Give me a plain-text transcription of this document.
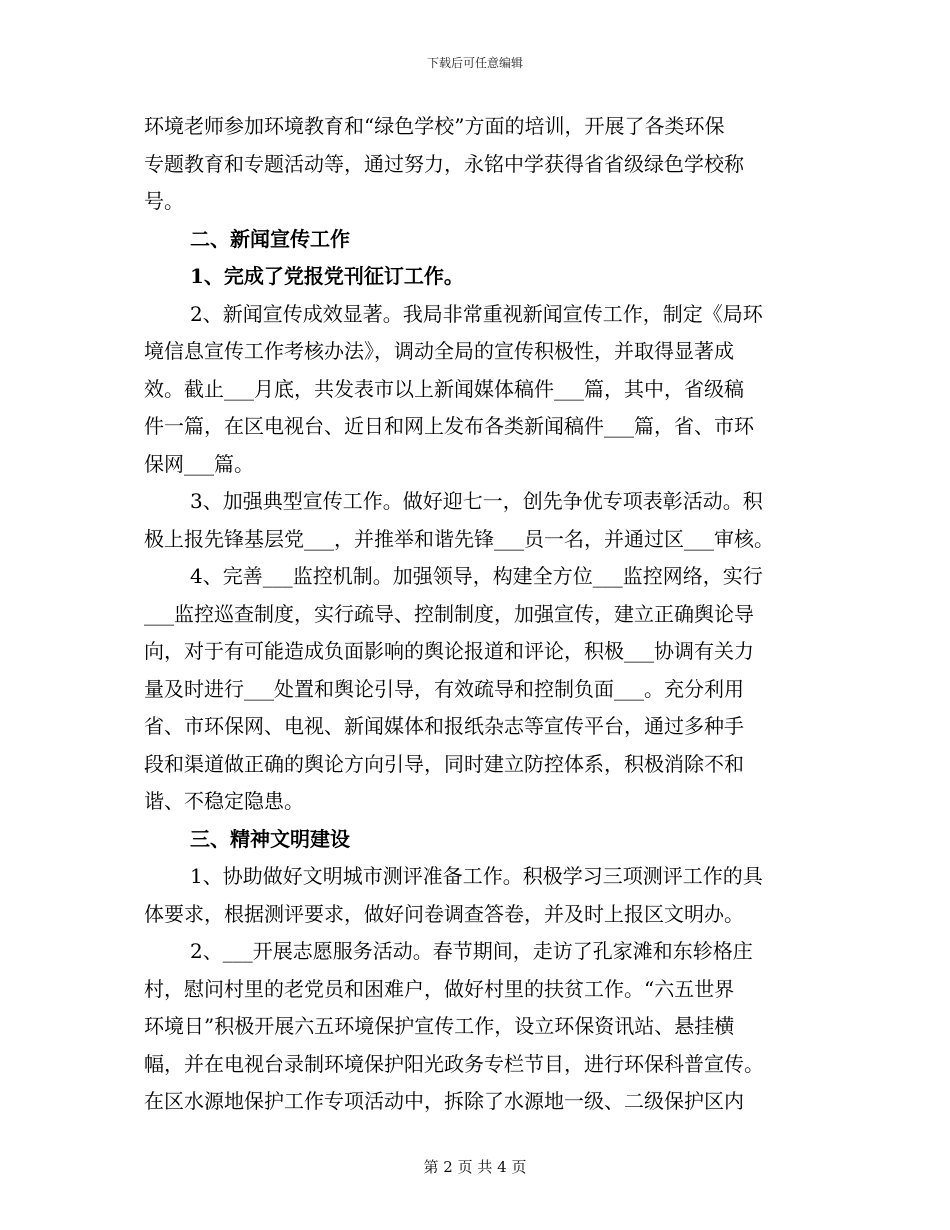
下载后可任意编辑
环境老师参加环境教育和“绿色学校”方面的培训，开展了各类环保
专题教育和专题活动等，通过努力，永铭中学获得省省级绿色学校称
号。
二、新闻宣传工作
1、完成了党报党刊征订工作。
2、新闻宣传成效显著。我局非常重视新闻宣传工作，制定《局环
境信息宣传工作考核办法》，调动全局的宣传积极性，并取得显著成
效。截止___月底，共发表市以上新闻媒体稿件___篇，其中，省级稿
件一篇，在区电视台、近日和网上发布各类新闻稿件___篇，省、市环
保网___篇。
3、加强典型宣传工作。做好迎七一，创先争优专项表彰活动。积
极上报先锋基层党___，并推举和谐先锋___员一名，并通过区___审核。
4、完善___监控机制。加强领导，构建全方位___监控网络，实行
___监控巡查制度，实行疏导、控制制度，加强宣传，建立正确舆论导
向，对于有可能造成负面影响的舆论报道和评论，积极___协调有关力
量及时进行___处置和舆论引导，有效疏导和控制负面___。充分利用
省、市环保网、电视、新闻媒体和报纸杂志等宣传平台，通过多种手
段和渠道做正确的舆论方向引导，同时建立防控体系，积极消除不和
谐、不稳定隐患。
三、精神文明建设
1、协助做好文明城市测评准备工作。积极学习三项测评工作的具
体要求，根据测评要求，做好问卷调查答卷，并及时上报区文明办。
2、___开展志愿服务活动。春节期间，走访了孔家滩和东轸格庄
村，慰问村里的老党员和困难户，做好村里的扶贫工作。“六五世界
环境日”积极开展六五环境保护宣传工作，设立环保资讯站、悬挂横
幅，并在电视台录制环境保护阳光政务专栏节目，进行环保科普宣传。
在区水源地保护工作专项活动中，拆除了水源地一级、二级保护区内
第 2 页 共 4 页
